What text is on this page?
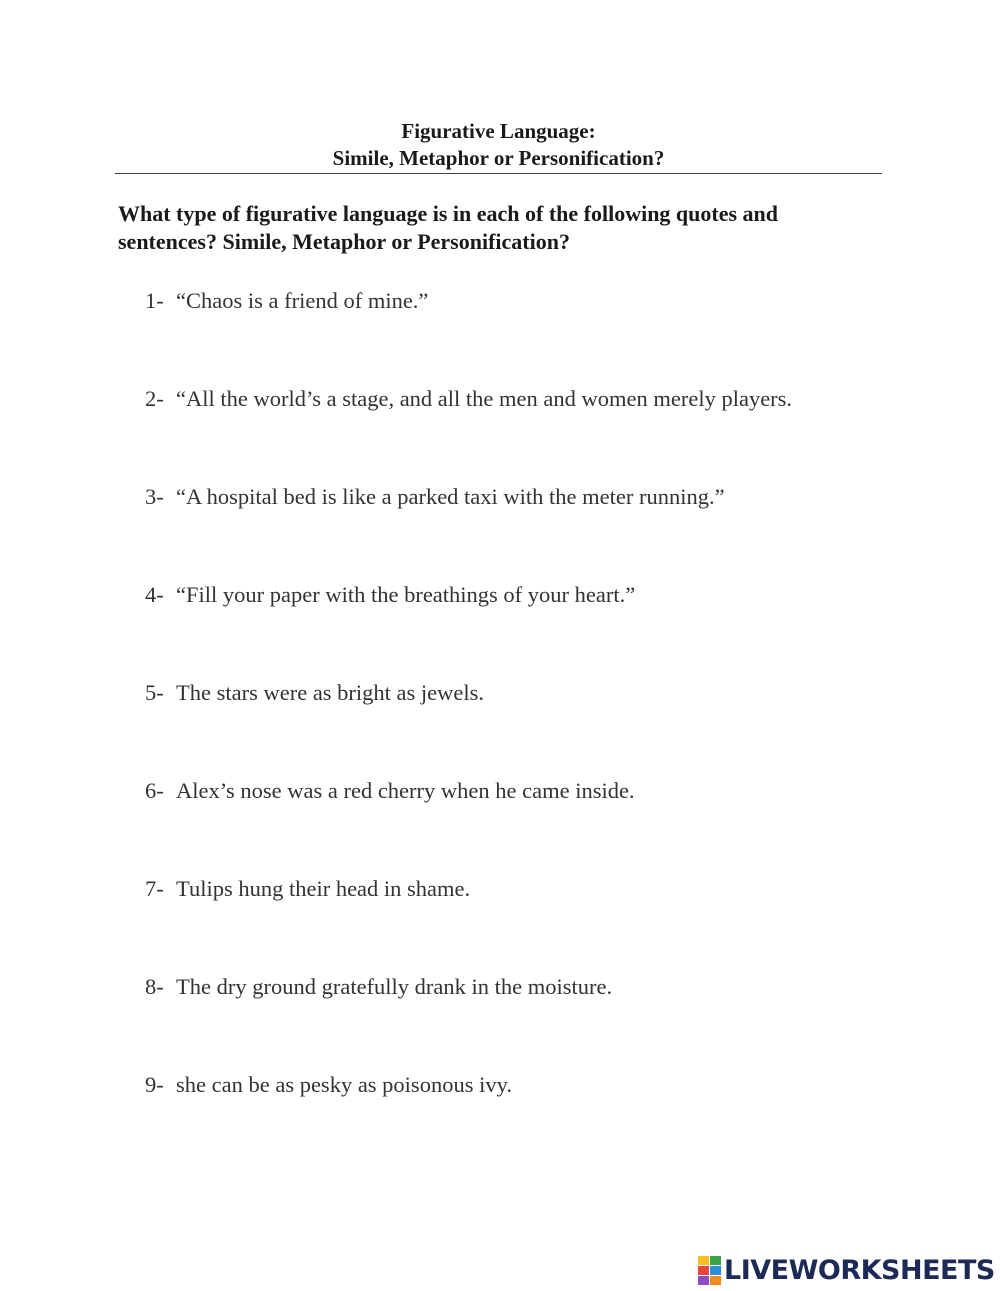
Figurative Language:
Simile, Metaphor or Personification?
What type of figurative language is in each of the following quotes and sentences? Simile, Metaphor or Personification?
1- “Chaos is a friend of mine.”
2- “All the world’s a stage, and all the men and women merely players.
3- “A hospital bed is like a parked taxi with the meter running.”
4- “Fill your paper with the breathings of your heart.”
5- The stars were as bright as jewels.
6- Alex’s nose was a red cherry when he came inside.
7- Tulips hung their head in shame.
8- The dry ground gratefully drank in the moisture.
9- she can be as pesky as poisonous ivy.
LIVEWORKSHEETS
